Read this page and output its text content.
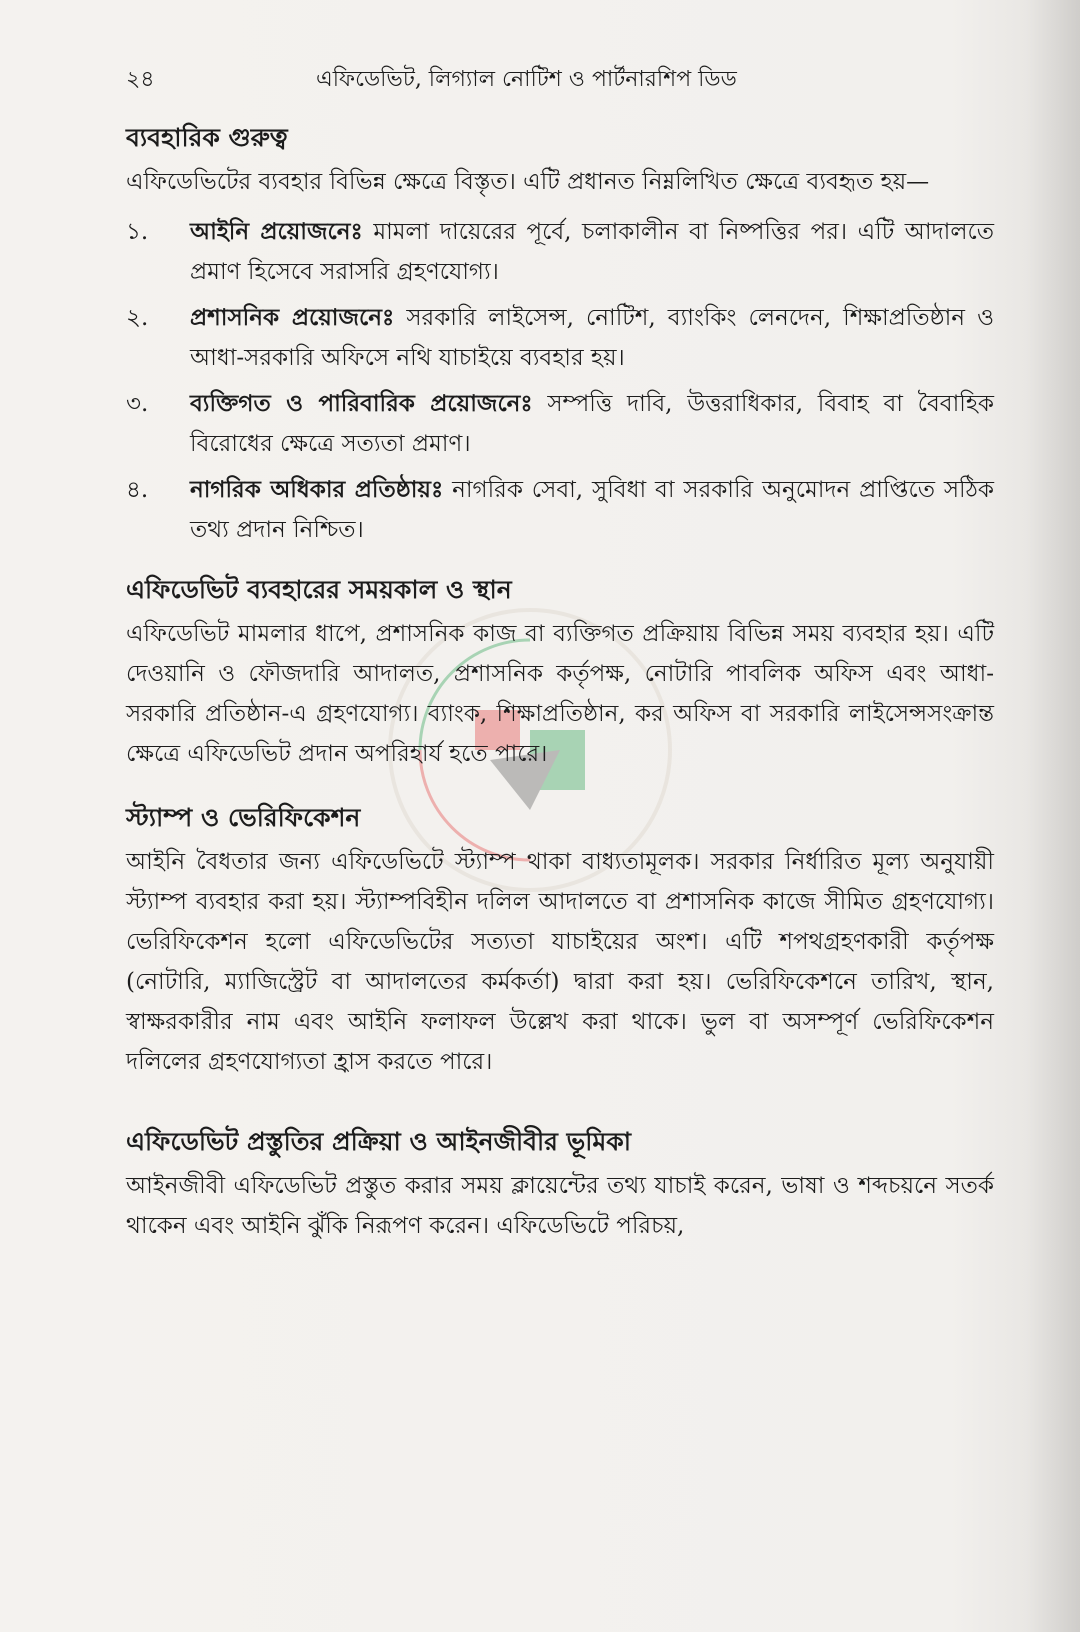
২৪	এফিডেভিট, লিগ্যাল নোটিশ ও পার্টনারশিপ ডিড
ব্যবহারিক গুরুত্ব

এফিডেভিটের ব্যবহার বিভিন্ন ক্ষেত্রে বিস্তৃত। এটি প্রধানত নিম্নলিখিত ক্ষেত্রে ব্যবহৃত হয়—

১.	আইনি প্রয়োজনেঃ মামলা দায়েরের পূর্বে, চলাকালীন বা নিষ্পত্তির পর। এটি আদালতে প্রমাণ হিসেবে সরাসরি গ্রহণযোগ্য।
২.	প্রশাসনিক প্রয়োজনেঃ সরকারি লাইসেন্স, নোটিশ, ব্যাংকিং লেনদেন, শিক্ষাপ্রতিষ্ঠান ও আধা-সরকারি অফিসে নথি যাচাইয়ে ব্যবহার হয়।
৩.	ব্যক্তিগত ও পারিবারিক প্রয়োজনেঃ সম্পত্তি দাবি, উত্তরাধিকার, বিবাহ বা বৈবাহিক বিরোধের ক্ষেত্রে সত্যতা প্রমাণ।
৪.	নাগরিক অধিকার প্রতিষ্ঠায়ঃ নাগরিক সেবা, সুবিধা বা সরকারি অনুমোদন প্রাপ্তিতে সঠিক তথ্য প্রদান নিশ্চিত।
এফিডেভিট ব্যবহারের সময়কাল ও স্থান

এফিডেভিট মামলার ধাপে, প্রশাসনিক কাজ বা ব্যক্তিগত প্রক্রিয়ায় বিভিন্ন সময় ব্যবহার হয়। এটি দেওয়ানি ও ফৌজদারি আদালত, প্রশাসনিক কর্তৃপক্ষ, নোটারি পাবলিক অফিস এবং আধা-সরকারি প্রতিষ্ঠান-এ গ্রহণযোগ্য। ব্যাংক, শিক্ষাপ্রতিষ্ঠান, কর অফিস বা সরকারি লাইসেন্সসংক্রান্ত ক্ষেত্রে এফিডেভিট প্রদান অপরিহার্য হতে পারে।

স্ট্যাম্প ও ভেরিফিকেশন

আইনি বৈধতার জন্য এফিডেভিটে স্ট্যাম্প থাকা বাধ্যতামূলক। সরকার নির্ধারিত মূল্য অনুযায়ী স্ট্যাম্প ব্যবহার করা হয়। স্ট্যাম্পবিহীন দলিল আদালতে বা প্রশাসনিক কাজে সীমিত গ্রহণযোগ্য। ভেরিফিকেশন হলো এফিডেভিটের সত্যতা যাচাইয়ের অংশ। এটি শপথগ্রহণকারী কর্তৃপক্ষ (নোটারি, ম্যাজিস্ট্রেট বা আদালতের কর্মকর্তা) দ্বারা করা হয়। ভেরিফিকেশনে তারিখ, স্থান, স্বাক্ষরকারীর নাম এবং আইনি ফলাফল উল্লেখ করা থাকে। ভুল বা অসম্পূর্ণ ভেরিফিকেশন দলিলের গ্রহণযোগ্যতা হ্রাস করতে পারে।

এফিডেভিট প্রস্তুতির প্রক্রিয়া ও আইনজীবীর ভূমিকা

আইনজীবী এফিডেভিট প্রস্তুত করার সময় ক্লায়েন্টের তথ্য যাচাই করেন, ভাষা ও শব্দচয়নে সতর্ক থাকেন এবং আইনি ঝুঁকি নিরূপণ করেন। এফিডেভিটে পরিচয়,
